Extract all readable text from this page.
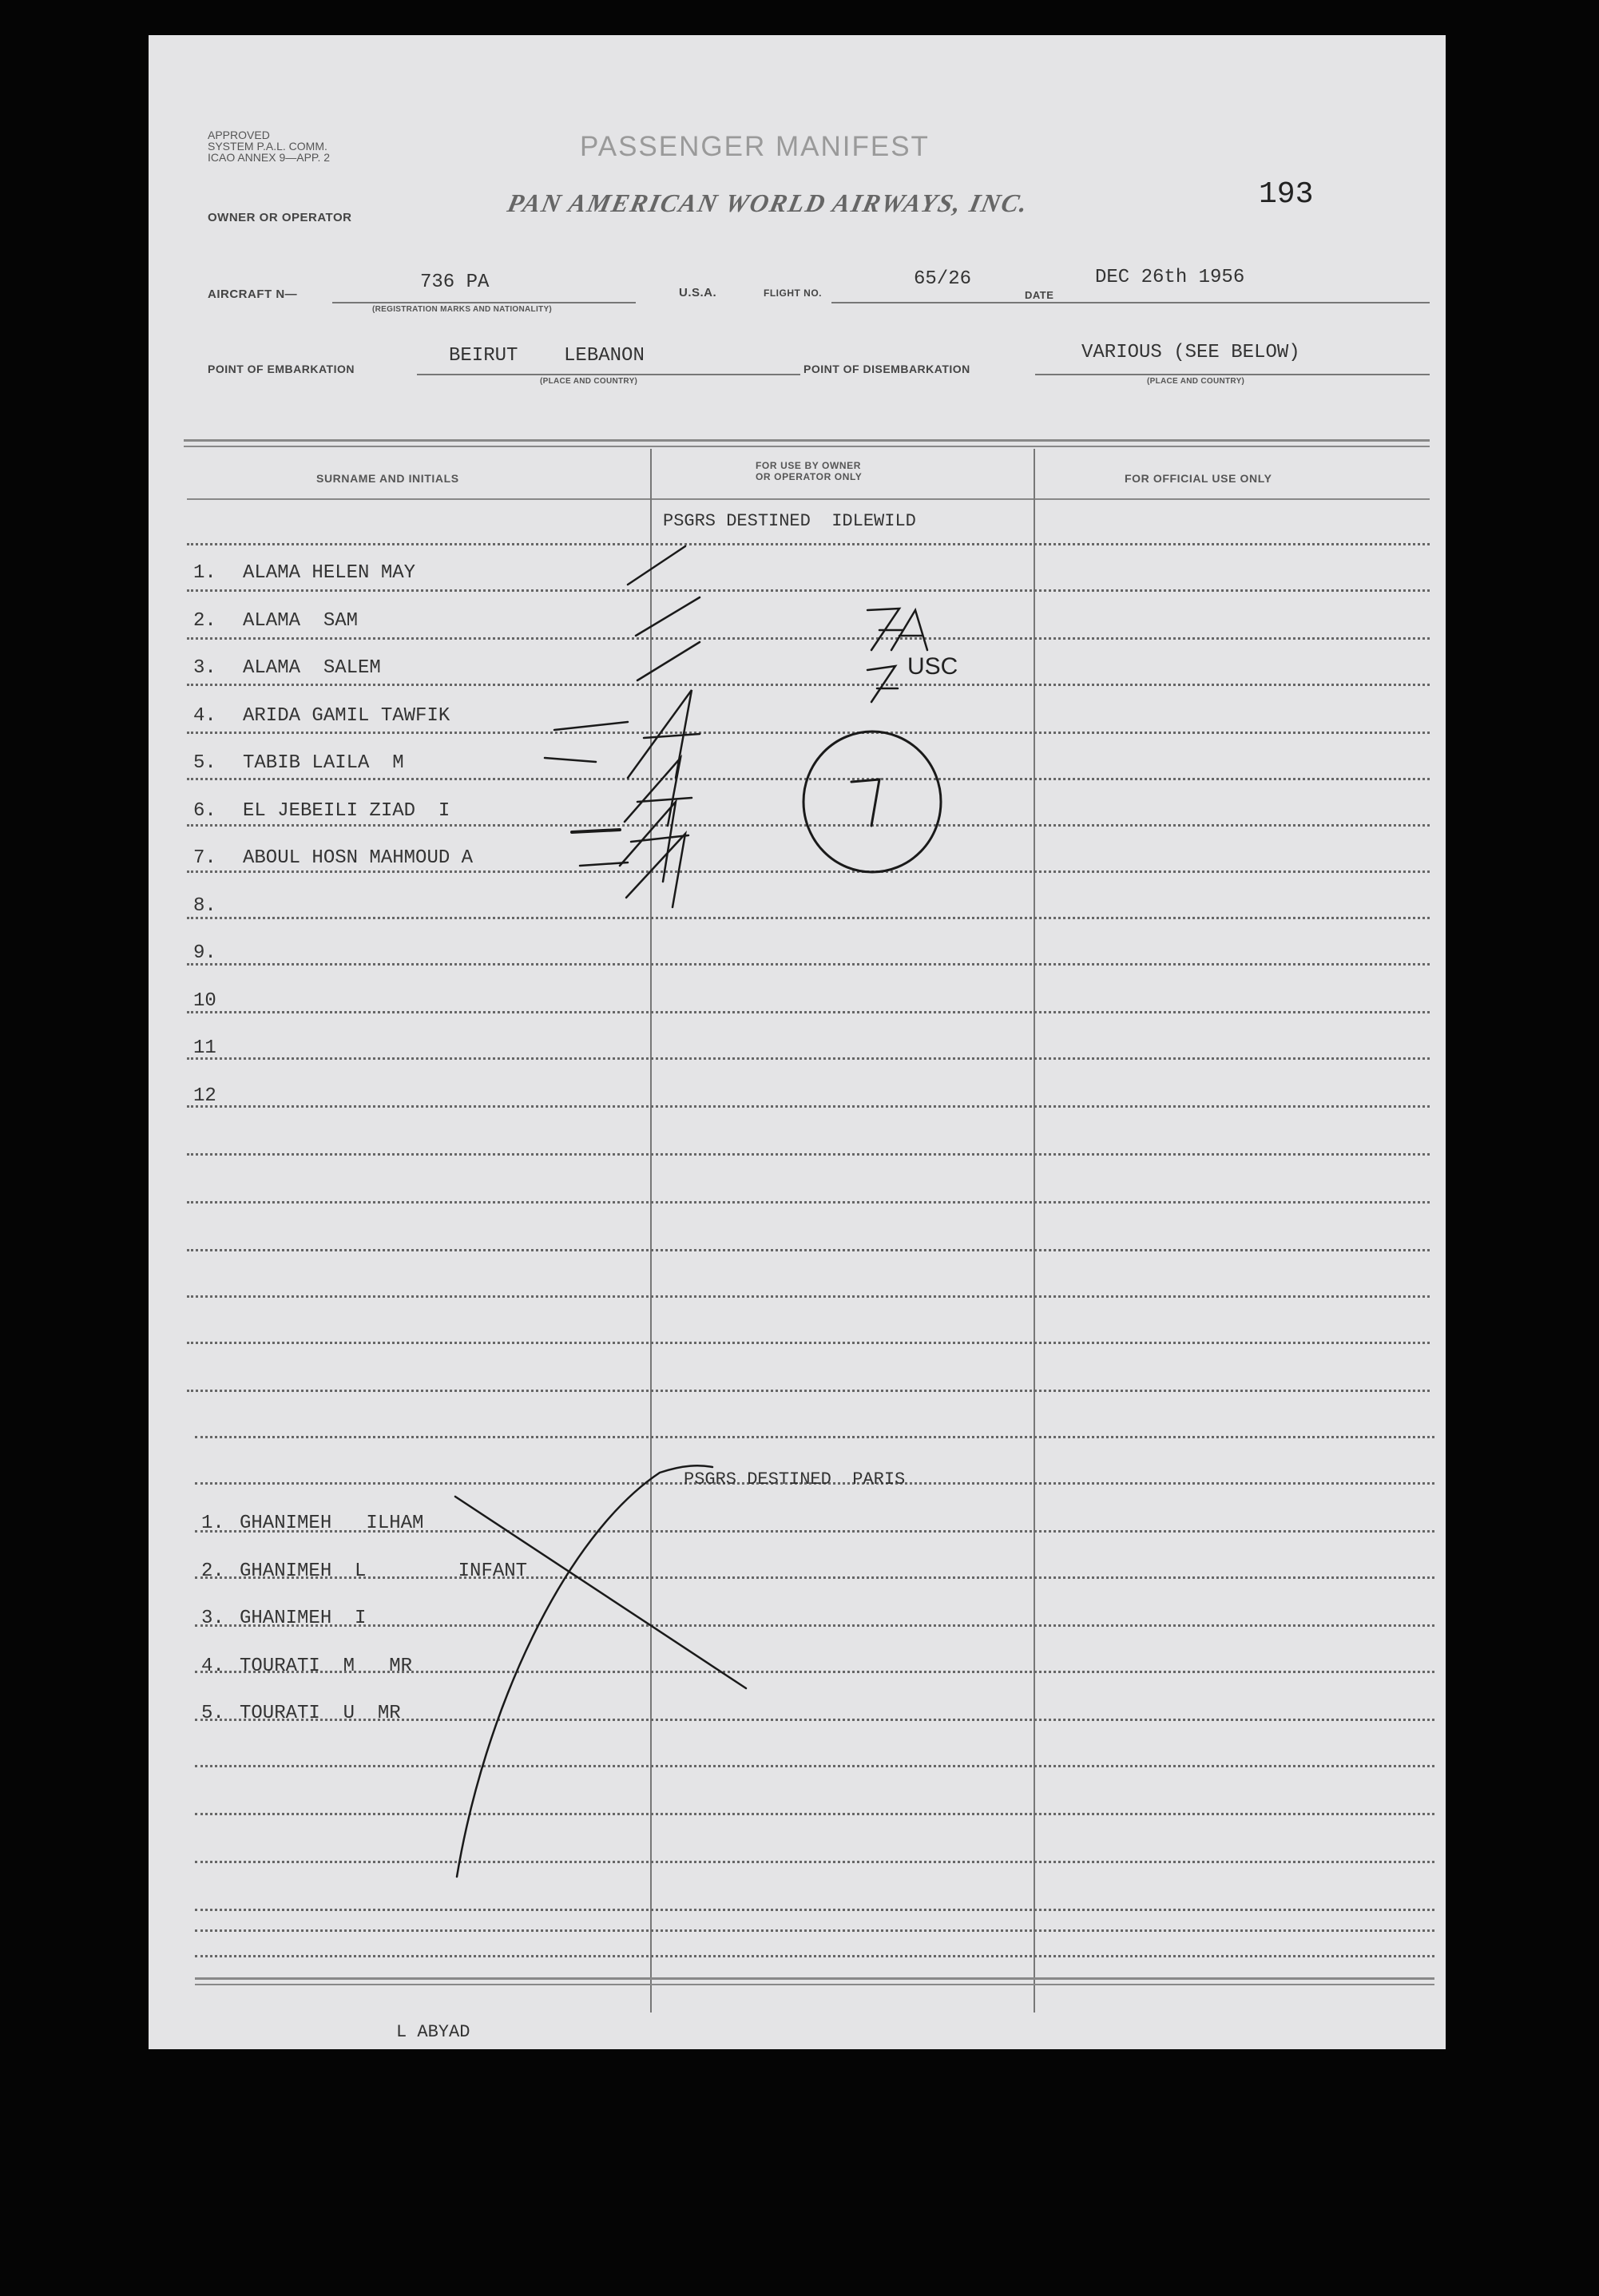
APPROVED
SYSTEM P.A.L. COMM.
ICAO ANNEX 9—APP. 2	PASSENGER MANIFEST
193
OWNER OR OPERATOR
PAN AMERICAN WORLD AIRWAYS, INC.
AIRCRAFT N—
736 PA
(REGISTRATION MARKS AND NATIONALITY)
U.S.A.	FLIGHT NO.
65/26
DATE
DEC 26th 1956
POINT OF EMBARKATION
BEIRUT    LEBANON
(PLACE AND COUNTRY)
POINT OF DISEMBARKATION
VARIOUS (SEE BELOW)
(PLACE AND COUNTRY)
SURNAME AND INITIALS
FOR USE BY OWNER
OR OPERATOR ONLY	FOR OFFICIAL USE ONLY
PSGRS DESTINED  IDLEWILD
1. ALAMA HELEN MAY
2. ALAMA  SAM
3. ALAMA  SALEM
4. ARIDA GAMIL TAWFIK
5. TABIB LAILA  M
6. EL JEBEILI ZIAD  I
7. ABOUL HOSN MAHMOUD A
8.
9.
10
11
12
PSGRS DESTINED  PARIS
1. GHANIMEH   ILHAM
2. GHANIMEH  L        INFANT
3. GHANIMEH  I
4. TOURATI  M   MR
5. TOURATI  U  MR
L ABYAD
KA
USC
